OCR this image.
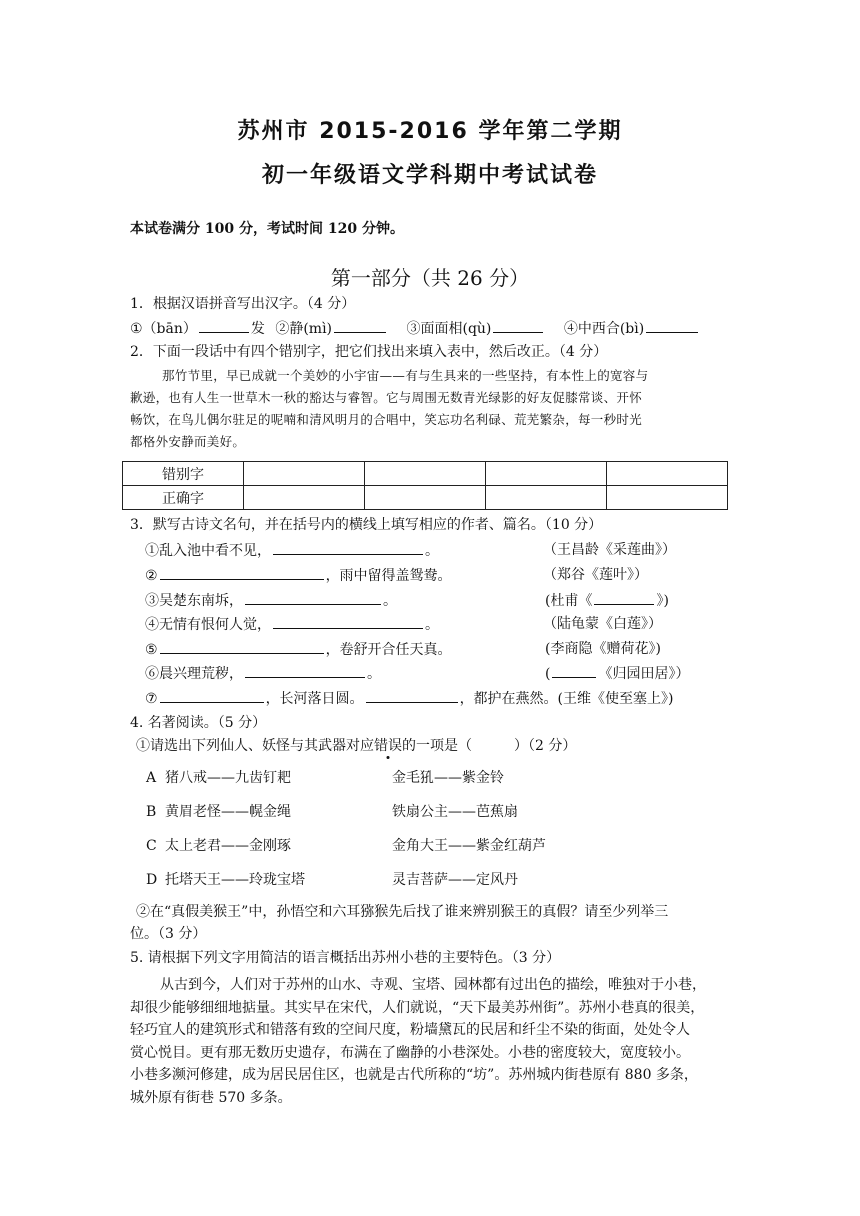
苏州市 2015-2016 学年第二学期
初一年级语文学科期中考试试卷
本试卷满分 100 分，考试时间 120 分钟。
第一部分（共 26 分）
1．根据汉语拼音写出汉字。（4 分）
①（bān）	发 ②静(mì)	③面面相(qù)	④中西合(bì)
2．下面一段话中有四个错别字，把它们找出来填入表中，然后改正。（4 分）
那竹节里，早已成就一个美妙的小宇宙——有与生具来的一些坚持，有本性上的宽容与
歉逊，也有人生一世草木一秋的豁达与睿智。它与周围无数青光绿影的好友促膝常谈、开怀
畅饮，在鸟儿偶尔驻足的呢喃和清风明月的合唱中，笑忘功名利碌、荒芜繁杂，每一秒时光
都格外安静而美好。
错别字				
正确字				
3．默写古诗文名句，并在括号内的横线上填写相应的作者、篇名。（10 分）
①乱入池中看不见，	。	（王昌龄《采莲曲》）
②	，雨中留得盖鸳鸯。	（郑谷《莲叶》）
③吴楚东南坼，	。	(杜甫《	》)
④无情有恨何人觉，	。	（陆龟蒙《白莲》）
⑤	，卷舒开合任天真。	(李商隐《赠荷花》)
⑥晨兴理荒秽，	。	(	《归园田居》）
⑦	，长河落日圆。	，都护在燕然。(王维《使至塞上》)
4. 名著阅读。（5 分）
①请选出下列仙人、妖怪与其武器对应错误的一项是（　　　）（2 分）
A 猪八戒——九齿钉耙	金毛犼——紫金铃
B 黄眉老怪——幌金绳	铁扇公主——芭蕉扇
C 太上老君——金刚琢	金角大王——紫金红葫芦
D 托塔天王——玲珑宝塔	灵吉菩萨——定风丹
②在“真假美猴王”中，孙悟空和六耳猕猴先后找了谁来辨别猴王的真假？请至少列举三
位。（3 分）
5. 请根据下列文字用简洁的语言概括出苏州小巷的主要特色。（3 分）
从古到今，人们对于苏州的山水、寺观、宝塔、园林都有过出色的描绘，唯独对于小巷，
却很少能够细细地掂量。其实早在宋代，人们就说，“天下最美苏州街”。苏州小巷真的很美，
轻巧宜人的建筑形式和错落有致的空间尺度，粉墙黛瓦的民居和纤尘不染的街面，处处令人
赏心悦目。更有那无数历史遗存，布满在了幽静的小巷深处。小巷的密度较大，宽度较小。
小巷多濒河修建，成为居民居住区，也就是古代所称的“坊”。苏州城内街巷原有 880 多条，
城外原有街巷 570 多条。
